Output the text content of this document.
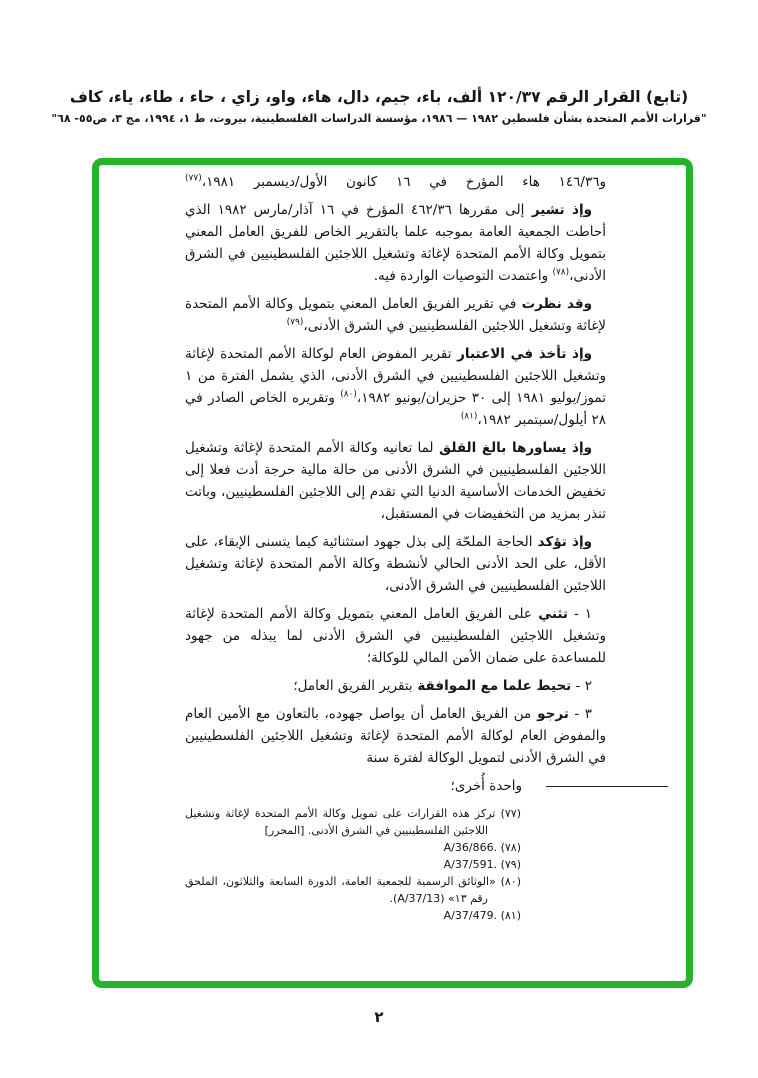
(تابع) القرار الرقم ١٢٠/٣٧ ألف، باء، جيم، دال، هاء، واو، زاي ، حاء ، طاء، ياء، كاف
"قرارات الأمم المتحدة بشأن فلسطين ١٩٨٢ — ١٩٨٦، مؤسسة الدراسات الفلسطينية، بيروت، ط ١، ١٩٩٤، مج ٣، ص٥٥- ٦٨"

و١٤٦/٣٦ هاء المؤرخ في ١٦ كانون الأول/ديسمبر ١٩٨١،$^{(٧٧)}$

وإذ تشير إلى مقررها ٤٦٢/٣٦ المؤرخ في ١٦ آذار/مارس ١٩٨٢ الذي أحاطت الجمعية العامة بموجبه علما بالتقرير الخاص للفريق العامل المعني بتمويل وكالة الأمم المتحدة لإغاثة وتشغيل اللاجئين الفلسطينيين في الشرق الأدنى،$^{(٧٨)}$ واعتمدت التوصيات الواردة فيه.

وقد نظرت في تقرير الفريق العامل المعني بتمويل وكالة الأمم المتحدة لإغاثة وتشغيل اللاجئين الفلسطينيين في الشرق الأدنى،$^{(٧٩)}$

وإذ تأخذ في الاعتبار تقرير المفوض العام لوكالة الأمم المتحدة لإغاثة وتشغيل اللاجئين الفلسطينيين في الشرق الأدنى، الذي يشمل الفترة من ١ تموز/يوليو ١٩٨١ إلى ٣٠ حزيران/يونيو ١٩٨٢،$^{(٨٠)}$ وتقريره الخاص الصادر في ٢٨ أيلول/سبتمبر ١٩٨٢،$^{(٨١)}$

وإذ يساورها بالغ القلق لما تعانيه وكالة الأمم المتحدة لإغاثة وتشغيل اللاجئين الفلسطينيين في الشرق الأدنى من حالة مالية حرجة أدت فعلا إلى تخفيض الخدمات الأساسية الدنيا التي تقدم إلى اللاجئين الفلسطينيين، وباتت تنذر بمزيد من التخفيضات في المستقبل،

وإذ تؤكد الحاجة الملحّة إلى بذل جهود استثنائية كيما يتسنى الإبقاء، على الأقل، على الحد الأدنى الحالي لأنشطة وكالة الأمم المتحدة لإغاثة وتشغيل اللاجئين الفلسطينيين في الشرق الأدنى،

١ - تثني على الفريق العامل المعني بتمويل وكالة الأمم المتحدة لإغاثة وتشغيل اللاجئين الفلسطينيين في الشرق الأدنى لما يبذله من جهود للمساعدة على ضمان الأمن المالي للوكالة؛

٢ - تحيط علما مع الموافقة بتقرير الفريق العامل؛

٣ - ترجو من الفريق العامل أن يواصل جهوده، بالتعاون مع الأمين العام والمفوض العام لوكالة الأمم المتحدة لإغاثة وتشغيل اللاجئين الفلسطينيين في الشرق الأدنى لتمويل الوكالة لفترة سنة

واحدة أُخرى؛
(٧٧) تركز هذه القرارات على تمويل وكالة الأمم المتحدة لإغاثة وتشغيل اللاجئين الفلسطينيين في الشرق الأدنى. [المحرر]
(٧٨) A/36/866.
(٧٩) A/37/591.
(٨٠) «الوثائق الرسمية للجمعية العامة، الدورة السابعة والثلاثون، الملحق رقم ١٣» (A/37/13).
(٨١) A/37/479.
٢
